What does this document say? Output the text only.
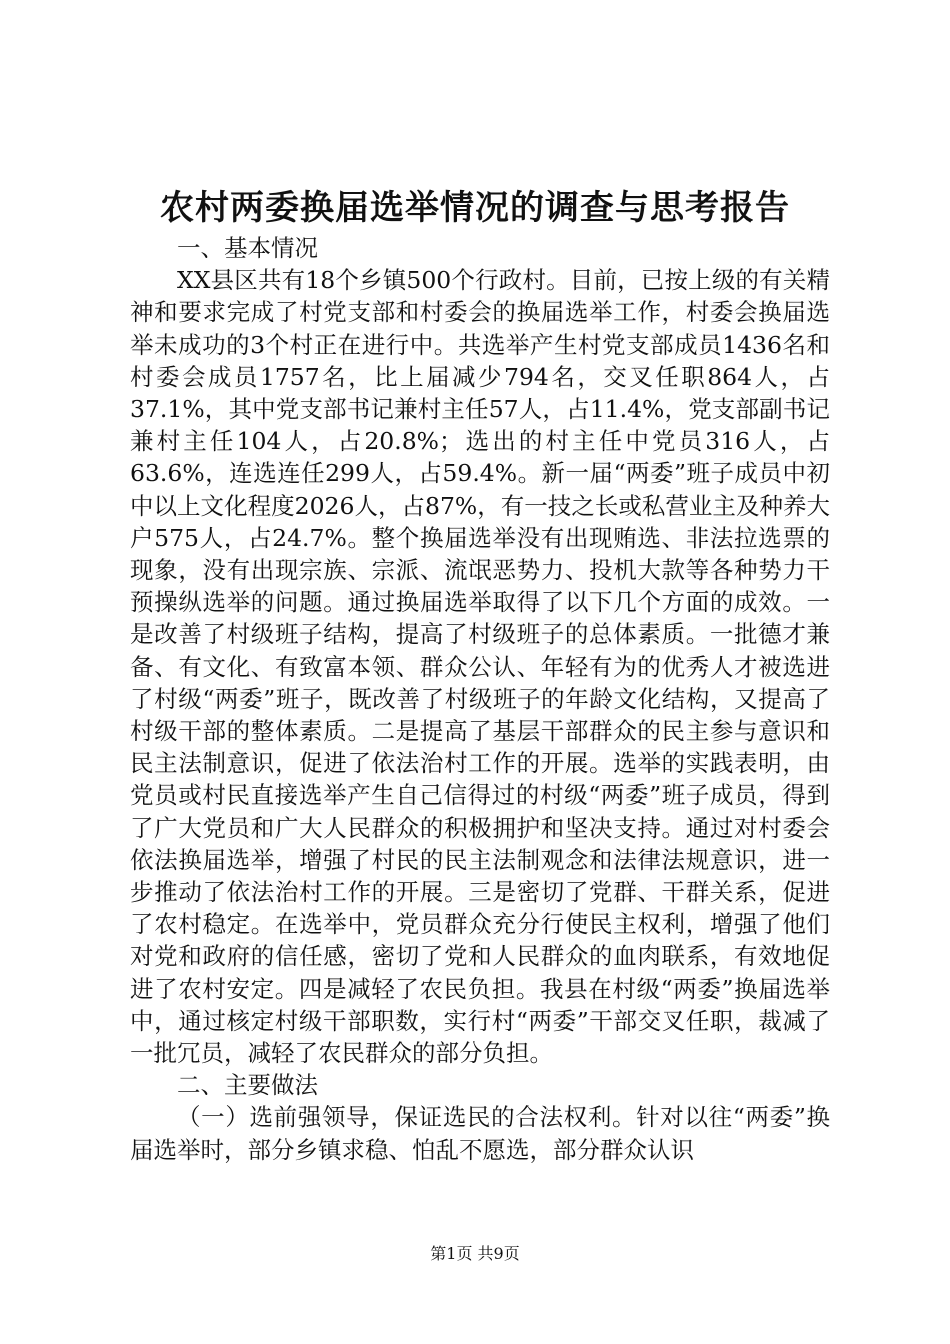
农村两委换届选举情况的调查与思考报告

一、基本情况

XX县区共有18个乡镇500个行政村。目前，已按上级的有关精神和要求完成了村党支部和村委会的换届选举工作，村委会换届选举未成功的3个村正在进行中。共选举产生村党支部成员1436名和村委会成员1757名，比上届减少794名，交叉任职864人，占37.1%，其中党支部书记兼村主任57人，占11.4%，党支部副书记兼村主任104人，占20.8%；选出的村主任中党员316人，占63.6%，连选连任299人，占59.4%。新一届“两委”班子成员中初中以上文化程度2026人，占87%，有一技之长或私营业主及种养大户575人，占24.7%。整个换届选举没有出现贿选、非法拉选票的现象，没有出现宗族、宗派、流氓恶势力、投机大款等各种势力干预操纵选举的问题。通过换届选举取得了以下几个方面的成效。一是改善了村级班子结构，提高了村级班子的总体素质。一批德才兼备、有文化、有致富本领、群众公认、年轻有为的优秀人才被选进了村级“两委”班子，既改善了村级班子的年龄文化结构，又提高了村级干部的整体素质。二是提高了基层干部群众的民主参与意识和民主法制意识，促进了依法治村工作的开展。选举的实践表明，由党员或村民直接选举产生自己信得过的村级“两委”班子成员，得到了广大党员和广大人民群众的积极拥护和坚决支持。通过对村委会依法换届选举，增强了村民的民主法制观念和法律法规意识，进一步推动了依法治村工作的开展。三是密切了党群、干群关系，促进了农村稳定。在选举中，党员群众充分行使民主权利，增强了他们对党和政府的信任感，密切了党和人民群众的血肉联系，有效地促进了农村安定。四是减轻了农民负担。我县在村级“两委”换届选举中，通过核定村级干部职数，实行村“两委”干部交叉任职，裁减了一批冗员，减轻了农民群众的部分负担。

二、主要做法

（一）选前强领导，保证选民的合法权利。针对以往“两委”换届选举时，部分乡镇求稳、怕乱不愿选，部分群众认识

第1页 共9页
